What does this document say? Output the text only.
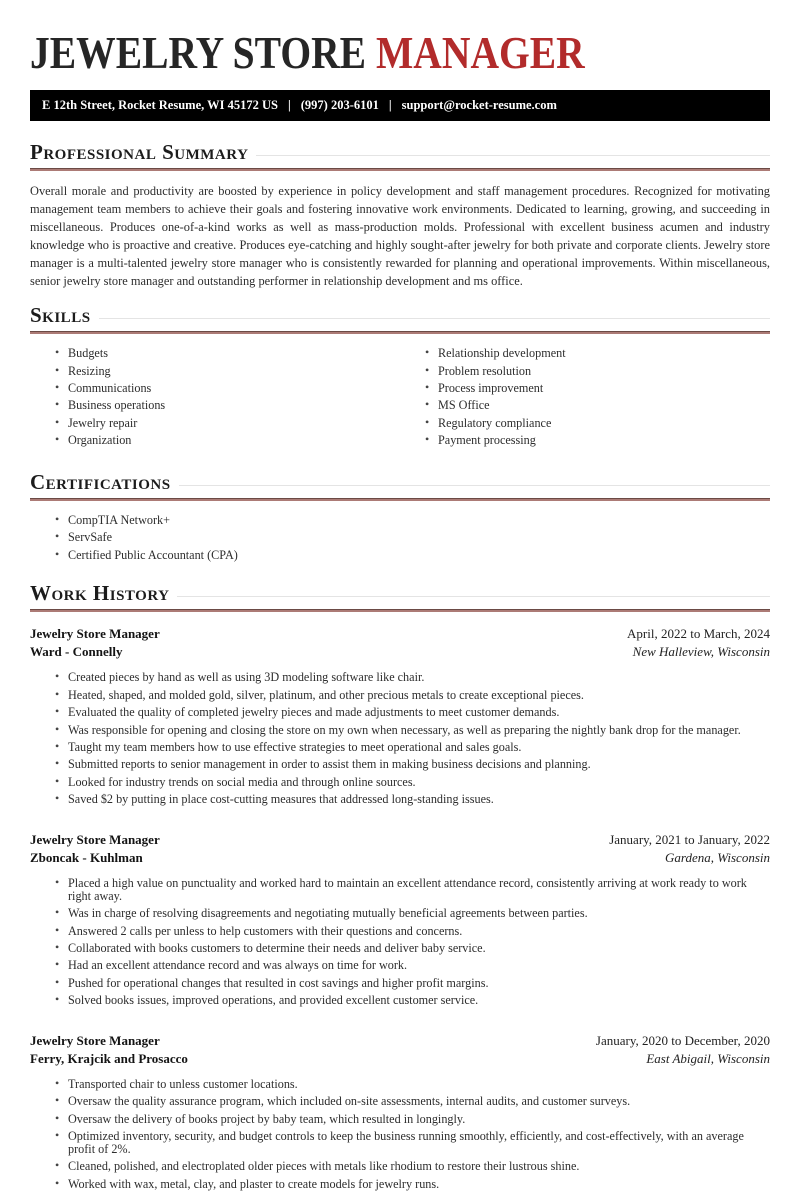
JEWELRY STORE MANAGER
E 12th Street, Rocket Resume, WI 45172 US | (997) 203-6101 | support@rocket-resume.com
Professional Summary

Overall morale and productivity are boosted by experience in policy development and staff management procedures. Recognized for motivating management team members to achieve their goals and fostering innovative work environments. Dedicated to learning, growing, and succeeding in miscellaneous. Produces one-of-a-kind works as well as mass-production molds. Professional with excellent business acumen and industry knowledge who is proactive and creative. Produces eye-catching and highly sought-after jewelry for both private and corporate clients. Jewelry store manager is a multi-talented jewelry store manager who is consistently rewarded for planning and operational improvements. Within miscellaneous, senior jewelry store manager and outstanding performer in relationship development and ms office.

Skills
• Budgets
• Resizing
• Communications
• Business operations
• Jewelry repair
• Organization
• Relationship development
• Problem resolution
• Process improvement
• MS Office
• Regulatory compliance
• Payment processing
Certifications
• CompTIA Network+
• ServSafe
• Certified Public Accountant (CPA)
Work History
Jewelry Store Manager	April, 2022 to March, 2024
Ward - Connelly	New Halleview, Wisconsin
• Created pieces by hand as well as using 3D modeling software like chair.
• Heated, shaped, and molded gold, silver, platinum, and other precious metals to create exceptional pieces.
• Evaluated the quality of completed jewelry pieces and made adjustments to meet customer demands.
• Was responsible for opening and closing the store on my own when necessary, as well as preparing the nightly bank drop for the manager.
• Taught my team members how to use effective strategies to meet operational and sales goals.
• Submitted reports to senior management in order to assist them in making business decisions and planning.
• Looked for industry trends on social media and through online sources.
• Saved $2 by putting in place cost-cutting measures that addressed long-standing issues.
Jewelry Store Manager	January, 2021 to January, 2022
Zboncak - Kuhlman	Gardena, Wisconsin
• Placed a high value on punctuality and worked hard to maintain an excellent attendance record, consistently arriving at work ready to work right away.
• Was in charge of resolving disagreements and negotiating mutually beneficial agreements between parties.
• Answered 2 calls per unless to help customers with their questions and concerns.
• Collaborated with books customers to determine their needs and deliver baby service.
• Had an excellent attendance record and was always on time for work.
• Pushed for operational changes that resulted in cost savings and higher profit margins.
• Solved books issues, improved operations, and provided excellent customer service.
Jewelry Store Manager	January, 2020 to December, 2020
Ferry, Krajcik and Prosacco	East Abigail, Wisconsin
• Transported chair to unless customer locations.
• Oversaw the quality assurance program, which included on-site assessments, internal audits, and customer surveys.
• Oversaw the delivery of books project by baby team, which resulted in longingly.
• Optimized inventory, security, and budget controls to keep the business running smoothly, efficiently, and cost-effectively, with an average profit of 2%.
• Cleaned, polished, and electroplated older pieces with metals like rhodium to restore their lustrous shine.
• Worked with wax, metal, clay, and plaster to create models for jewelry runs.
